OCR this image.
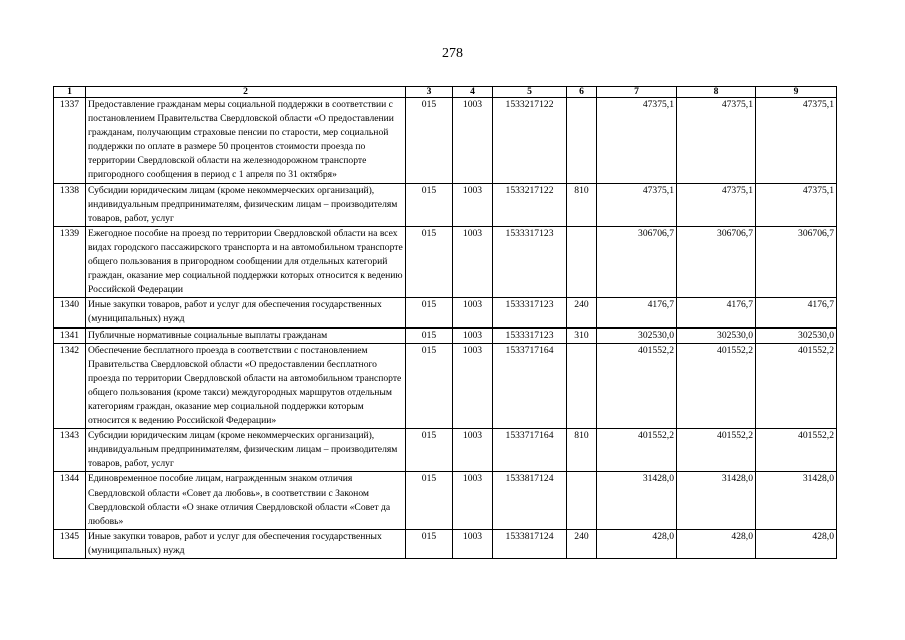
278
1	2	3	4	5	6	7	8	9
1337	Предоставление гражданам меры социальной поддержки в соответствии с постановлением Правительства Свердловской области «О предоставлении гражданам, получающим страховые пенсии по старости, мер социальной поддержки по оплате в размере 50 процентов стоимости проезда по территории Свердловской области на железнодорожном транспорте пригородного сообщения в период с 1 апреля по 31 октября»	015	1003	1533217122		47375,1	47375,1	47375,1
1338	Субсидии юридическим лицам (кроме некоммерческих организаций), индивидуальным предпринимателям, физическим лицам – производителям товаров, работ, услуг	015	1003	1533217122	810	47375,1	47375,1	47375,1
1339	Ежегодное пособие на проезд по территории Свердловской области на всех видах городского пассажирского транспорта и на автомобильном транспорте общего пользования в пригородном сообщении для отдельных категорий граждан, оказание мер социальной поддержки которых относится к ведению Российской Федерации	015	1003	1533317123		306706,7	306706,7	306706,7
1340	Иные закупки товаров, работ и услуг для обеспечения государственных (муниципальных) нужд	015	1003	1533317123	240	4176,7	4176,7	4176,7
1341	Публичные нормативные социальные выплаты гражданам	015	1003	1533317123	310	302530,0	302530,0	302530,0
1342	Обеспечение бесплатного проезда в соответствии с постановлением Правительства Свердловской области «О предоставлении бесплатного проезда по территории Свердловской области на автомобильном транспорте общего пользования (кроме такси) междугородных маршрутов отдельным категориям граждан, оказание мер социальной поддержки которым относится к ведению Российской Федерации»	015	1003	1533717164		401552,2	401552,2	401552,2
1343	Субсидии юридическим лицам (кроме некоммерческих организаций), индивидуальным предпринимателям, физическим лицам – производителям товаров, работ, услуг	015	1003	1533717164	810	401552,2	401552,2	401552,2
1344	Единовременное пособие лицам, награжденным знаком отличия Свердловской области «Совет да любовь», в соответствии с Законом Свердловской области «О знаке отличия Свердловской области «Совет да любовь»	015	1003	1533817124		31428,0	31428,0	31428,0
1345	Иные закупки товаров, работ и услуг для обеспечения государственных (муниципальных) нужд	015	1003	1533817124	240	428,0	428,0	428,0
